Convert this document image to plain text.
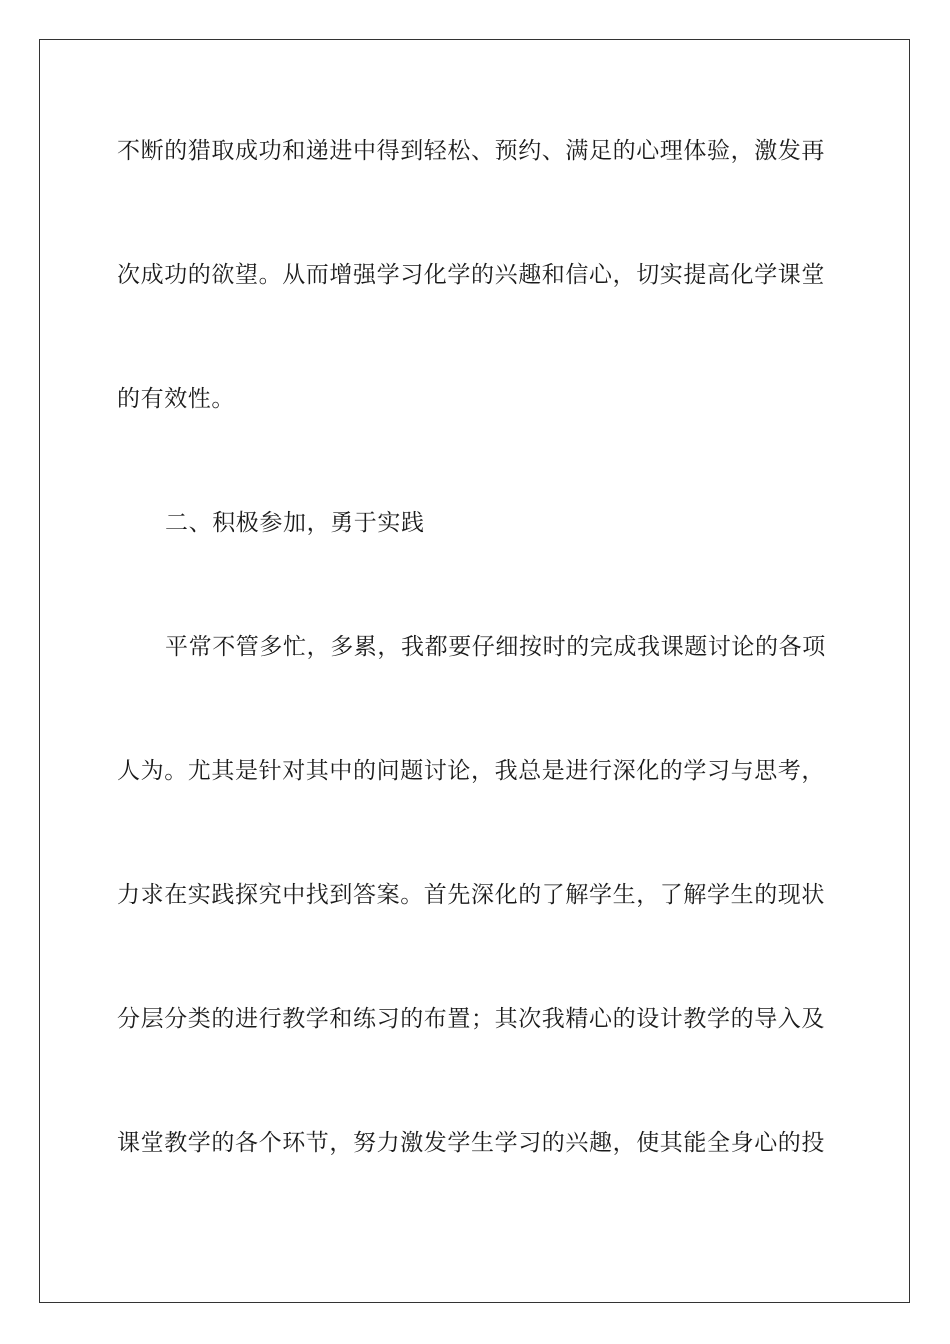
不断的猎取成功和递进中得到轻松、预约、满足的心理体验，激发再
次成功的欲望。从而增强学习化学的兴趣和信心，切实提高化学课堂
的有效性。
二、积极参加，勇于实践
平常不管多忙，多累，我都要仔细按时的完成我课题讨论的各项
人为。尤其是针对其中的问题讨论，我总是进行深化的学习与思考，
力求在实践探究中找到答案。首先深化的了解学生，了解学生的现状
分层分类的进行教学和练习的布置；其次我精心的设计教学的导入及
课堂教学的各个环节，努力激发学生学习的兴趣，使其能全身心的投
